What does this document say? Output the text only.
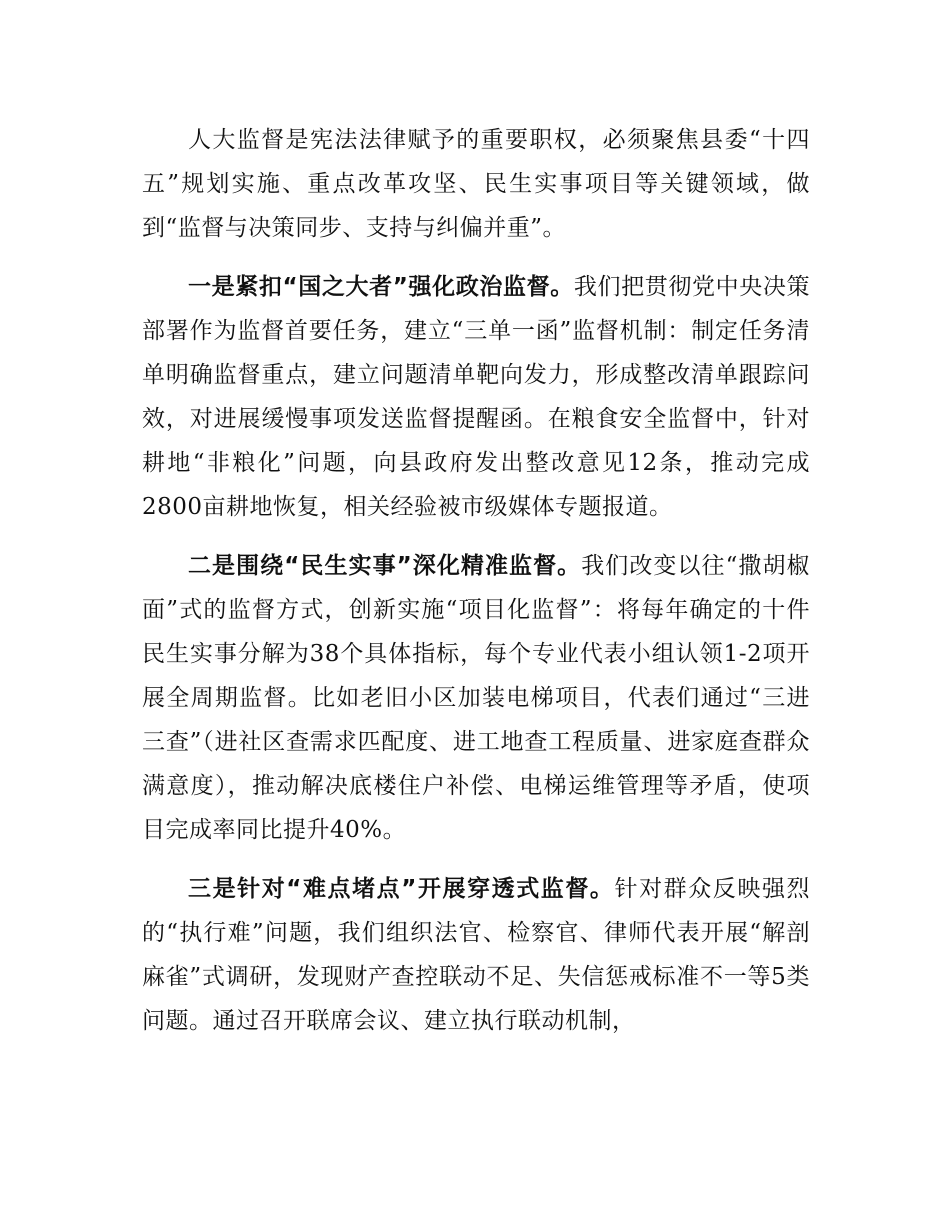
人大监督是宪法法律赋予的重要职权，必须聚焦县委“十四五”规划实施、重点改革攻坚、民生实事项目等关键领域，做到“监督与决策同步、支持与纠偏并重”。

一是紧扣“国之大者”强化政治监督。我们把贯彻党中央决策部署作为监督首要任务，建立“三单一函”监督机制：制定任务清单明确监督重点，建立问题清单靶向发力，形成整改清单跟踪问效，对进展缓慢事项发送监督提醒函。在粮食安全监督中，针对耕地“非粮化”问题，向县政府发出整改意见12条，推动完成2800亩耕地恢复，相关经验被市级媒体专题报道。

二是围绕“民生实事”深化精准监督。我们改变以往“撒胡椒面”式的监督方式，创新实施“项目化监督”：将每年确定的十件民生实事分解为38个具体指标，每个专业代表小组认领1-2项开展全周期监督。比如老旧小区加装电梯项目，代表们通过“三进三查”（进社区查需求匹配度、进工地查工程质量、进家庭查群众满意度），推动解决底楼住户补偿、电梯运维管理等矛盾，使项目完成率同比提升40%。

三是针对“难点堵点”开展穿透式监督。针对群众反映强烈的“执行难”问题，我们组织法官、检察官、律师代表开展“解剖麻雀”式调研，发现财产查控联动不足、失信惩戒标准不一等5类问题。通过召开联席会议、建立执行联动机制，
